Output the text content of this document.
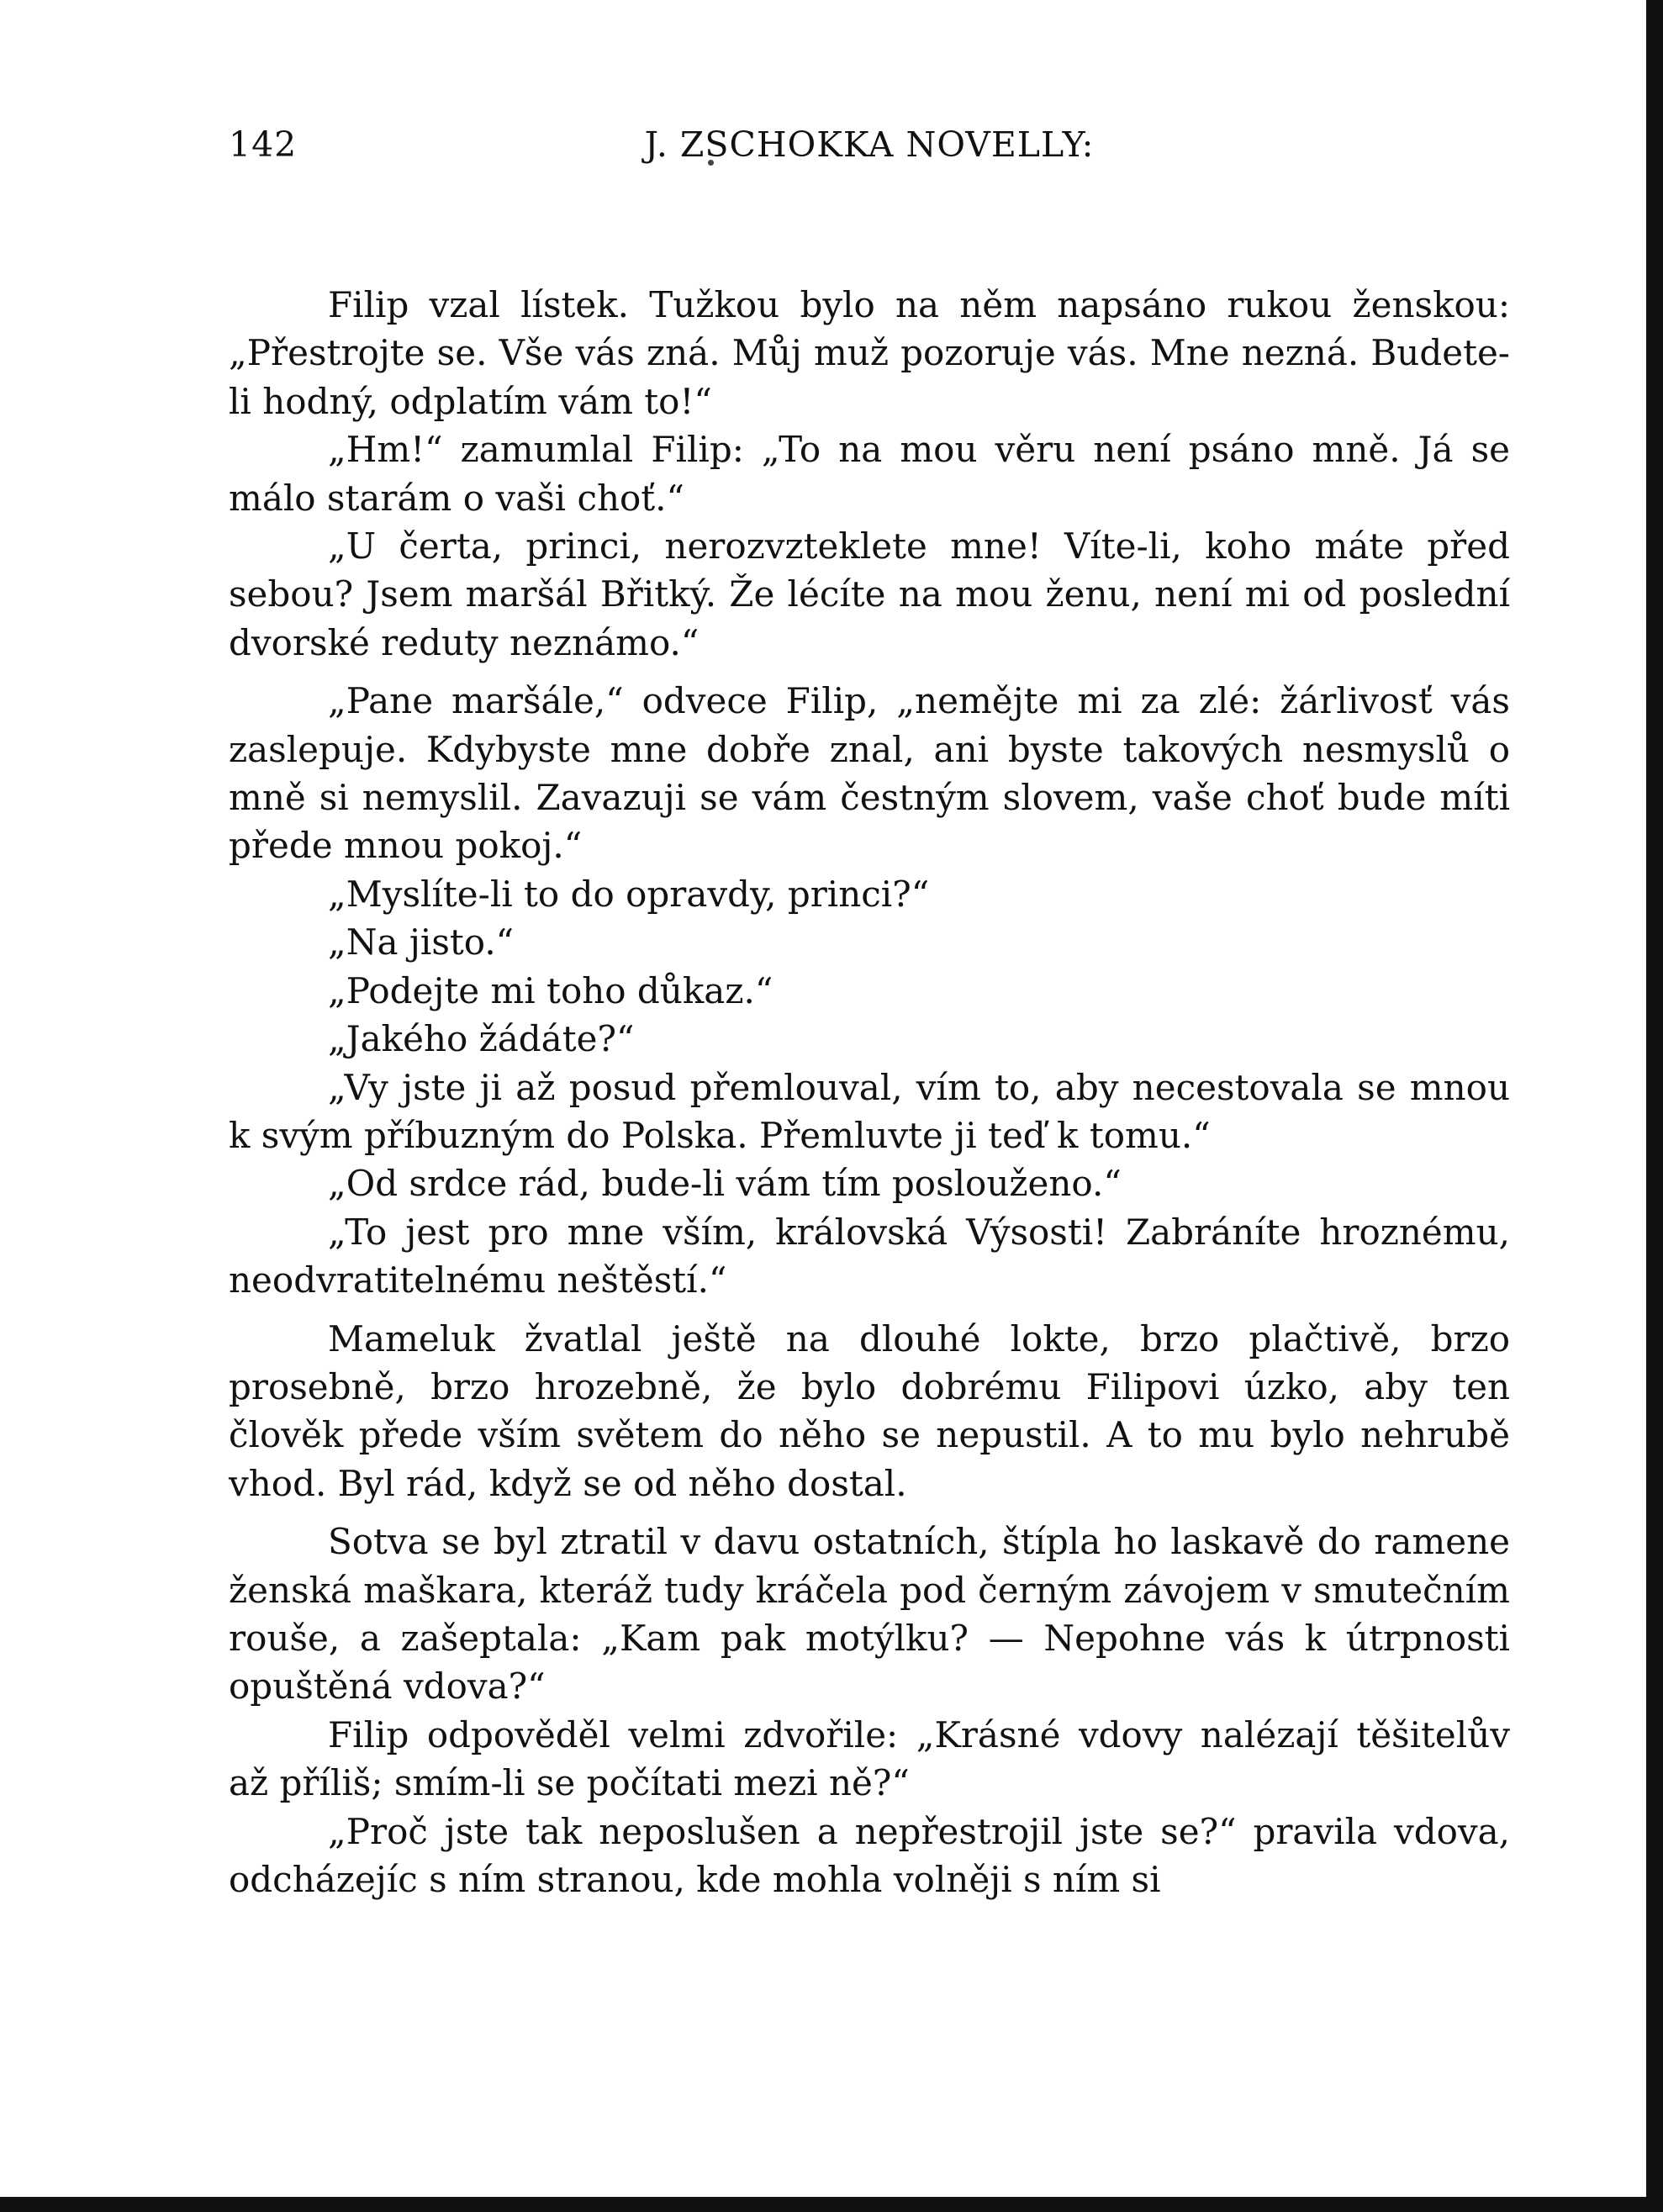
142	J. ZSCHOKKA NOVELLY:

Filip vzal lístek. Tužkou bylo na něm napsáno rukou ženskou: „Přestrojte se. Vše vás zná. Můj muž pozoruje vás. Mne nezná. Budete-li hodný, odplatím vám to!“

„Hm!“ zamumlal Filip: „To na mou věru není psáno mně. Já se málo starám o vaši choť.“

„U čerta, princi, nerozvzteklete mne! Víte-li, koho máte před sebou? Jsem maršál Břitký. Že lécíte na mou ženu, není mi od poslední dvorské reduty neznámo.“

„Pane maršále,“ odvece Filip, „nemějte mi za zlé: žárlivosť vás zaslepuje. Kdybyste mne dobře znal, ani byste takových nesmyslů o mně si nemyslil. Zavazuji se vám čestným slovem, vaše choť bude míti přede mnou pokoj.“

„Myslíte-li to do opravdy, princi?“

„Na jisto.“

„Podejte mi toho důkaz.“

„Jakého žádáte?“

„Vy jste ji až posud přemlouval, vím to, aby necestovala se mnou k svým příbuzným do Polska. Přemluvte ji teď k tomu.“

„Od srdce rád, bude-li vám tím poslouženo.“

„To jest pro mne vším, královská Výsosti! Zabráníte hroznému, neodvratitelnému neštěstí.“

Mameluk žvatlal ještě na dlouhé lokte, brzo plačtivě, brzo prosebně, brzo hrozebně, že bylo dobrému Filipovi úzko, aby ten člověk přede vším světem do něho se nepustil. A to mu bylo nehrubě vhod. Byl rád, když se od něho dostal.

Sotva se byl ztratil v davu ostatních, štípla ho laskavě do ramene ženská maškara, kteráž tudy kráčela pod černým závojem v smutečním rouše, a zašeptala: „Kam pak motýlku? — Nepohne vás k útrpnosti opuštěná vdova?“

Filip odpověděl velmi zdvořile: „Krásné vdovy nalézají těšitelův až příliš; smím-li se počítati mezi ně?“

„Proč jste tak neposlušen a nepřestrojil jste se?“ pravila vdova, odcházejíc s ním stranou, kde mohla volněji s ním si
